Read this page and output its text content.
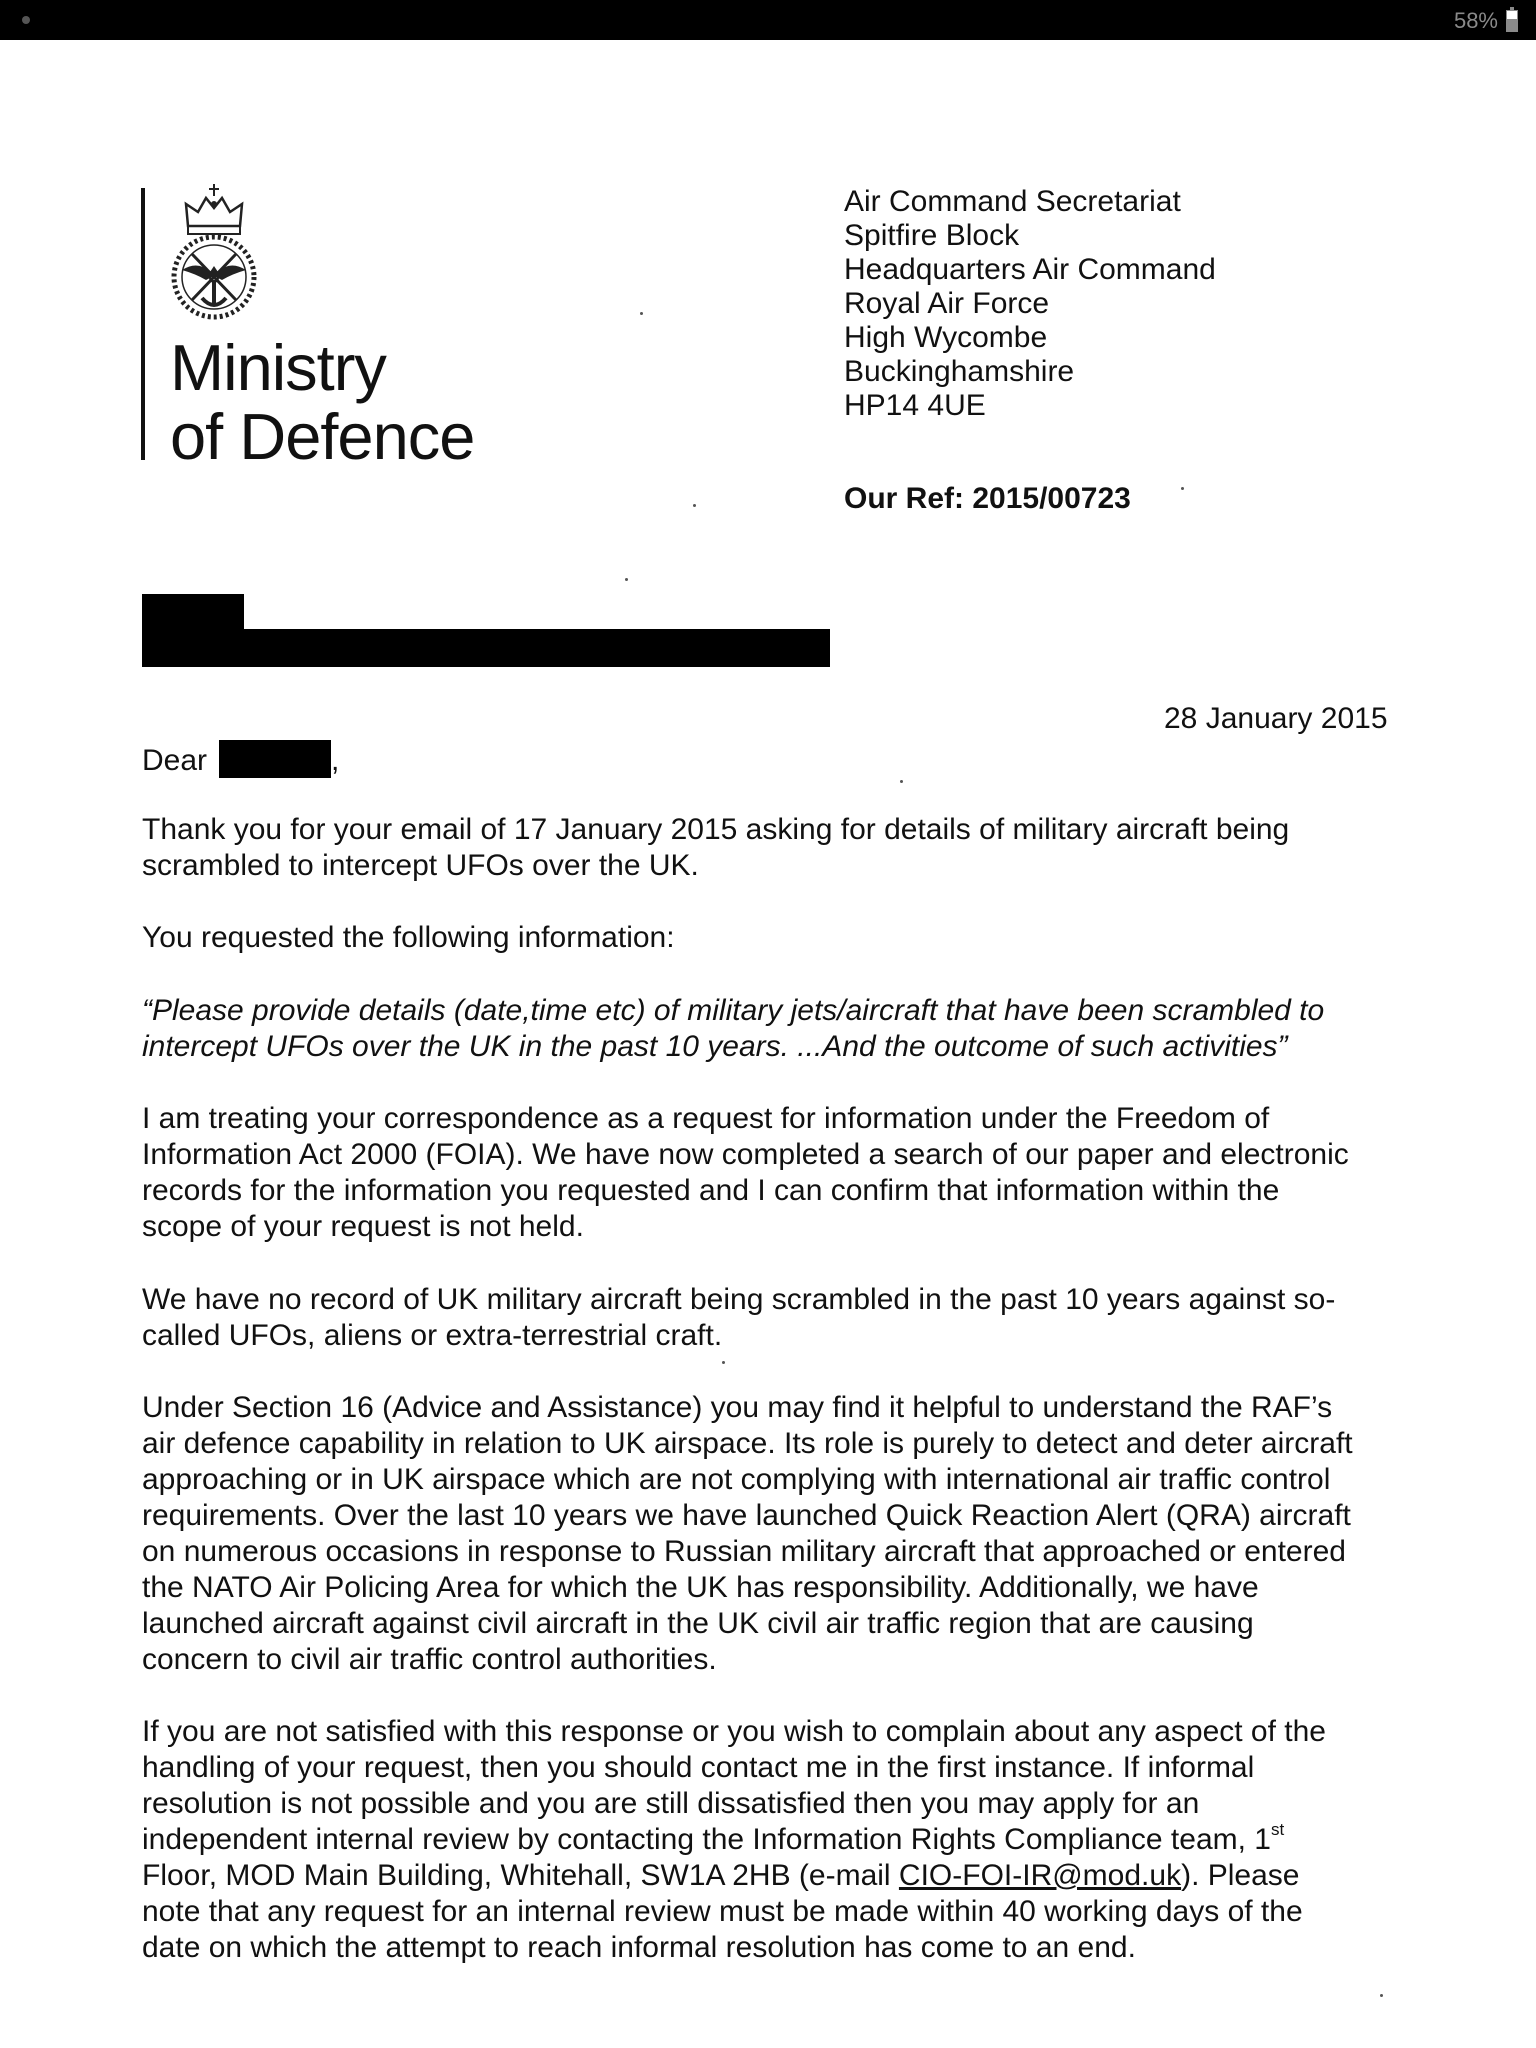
58%
Ministry
of Defence
Air Command Secretariat
Spitfire Block
Headquarters Air Command
Royal Air Force
High Wycombe
Buckinghamshire
HP14 4UE
Our Ref: 2015/00723
28 January 2015
Dear	,
Thank you for your email of 17 January 2015 asking for details of military aircraft being
scrambled to intercept UFOs over the UK.
You requested the following information:
“Please provide details (date,time etc) of military jets/aircraft that have been scrambled to
intercept UFOs over the UK in the past 10 years. ...And the outcome of such activities”
I am treating your correspondence as a request for information under the Freedom of
Information Act 2000 (FOIA). We have now completed a search of our paper and electronic
records for the information you requested and I can confirm that information within the
scope of your request is not held.
We have no record of UK military aircraft being scrambled in the past 10 years against so-
called UFOs, aliens or extra-terrestrial craft.
Under Section 16 (Advice and Assistance) you may find it helpful to understand the RAF’s
air defence capability in relation to UK airspace. Its role is purely to detect and deter aircraft
approaching or in UK airspace which are not complying with international air traffic control
requirements. Over the last 10 years we have launched Quick Reaction Alert (QRA) aircraft
on numerous occasions in response to Russian military aircraft that approached or entered
the NATO Air Policing Area for which the UK has responsibility. Additionally, we have
launched aircraft against civil aircraft in the UK civil air traffic region that are causing
concern to civil air traffic control authorities.
If you are not satisfied with this response or you wish to complain about any aspect of the
handling of your request, then you should contact me in the first instance. If informal
resolution is not possible and you are still dissatisfied then you may apply for an
independent internal review by contacting the Information Rights Compliance team, 1st
Floor, MOD Main Building, Whitehall, SW1A 2HB (e-mail CIO-FOI-IR@mod.uk). Please
note that any request for an internal review must be made within 40 working days of the
date on which the attempt to reach informal resolution has come to an end.
